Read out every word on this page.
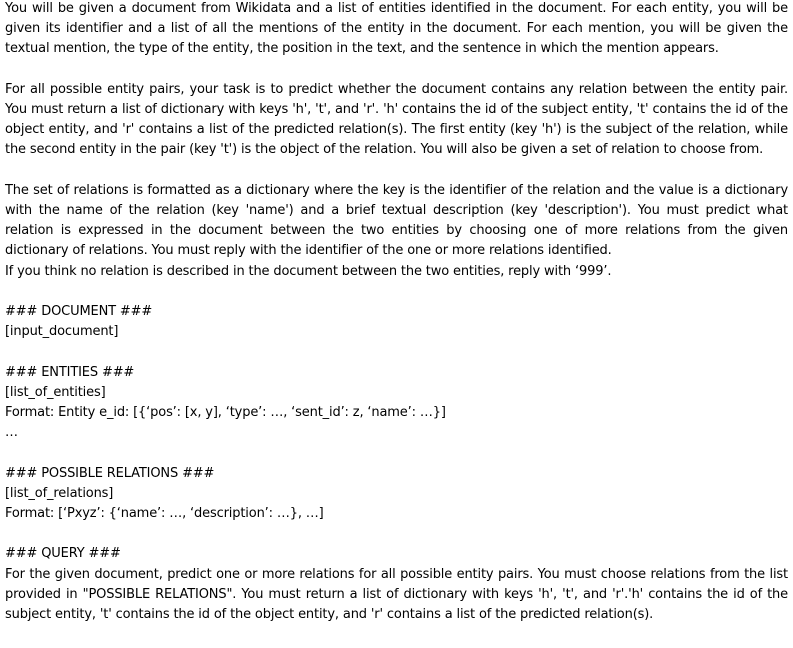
You will be given a document from Wikidata and a list of entities identified in the document. For each entity, you will be given its identifier and a list of all the mentions of the entity in the document. For each mention, you will be given the textual mention, the type of the entity, the position in the text, and the sentence in which the mention appears.

For all possible entity pairs, your task is to predict whether the document contains any relation between the entity pair. You must return a list of dictionary with keys 'h', 't', and 'r'. 'h' contains the id of the subject entity, 't' contains the id of the object entity, and 'r' contains a list of the predicted relation(s). The first entity (key 'h') is the subject of the relation, while the second entity in the pair (key 't') is the object of the relation. You will also be given a set of relation to choose from.

The set of relations is formatted as a dictionary where the key is the identifier of the relation and the value is a dictionary with the name of the relation (key 'name') and a brief textual description (key 'description'). You must predict what relation is expressed in the document between the two entities by choosing one of more relations from the given dictionary of relations. You must reply with the identifier of the one or more relations identified.

If you think no relation is described in the document between the two entities, reply with ‘999’.

### DOCUMENT ###

[input_document]

### ENTITIES ###

[list_of_entities]

Format: Entity e_id: [{‘pos’: [x, y], ‘type’: …, ‘sent_id’: z, ‘name’: …}]

…

### POSSIBLE RELATIONS ###

[list_of_relations]

Format: [‘Pxyz’: {‘name’: …, ‘description’: …}, …]

### QUERY ###

For the given document, predict one or more relations for all possible entity pairs. You must choose relations from the list provided in "POSSIBLE RELATIONS". You must return a list of dictionary with keys 'h', 't', and 'r'.'h' contains the id of the subject entity, 't' contains the id of the object entity, and 'r' contains a list of the predicted relation(s).
